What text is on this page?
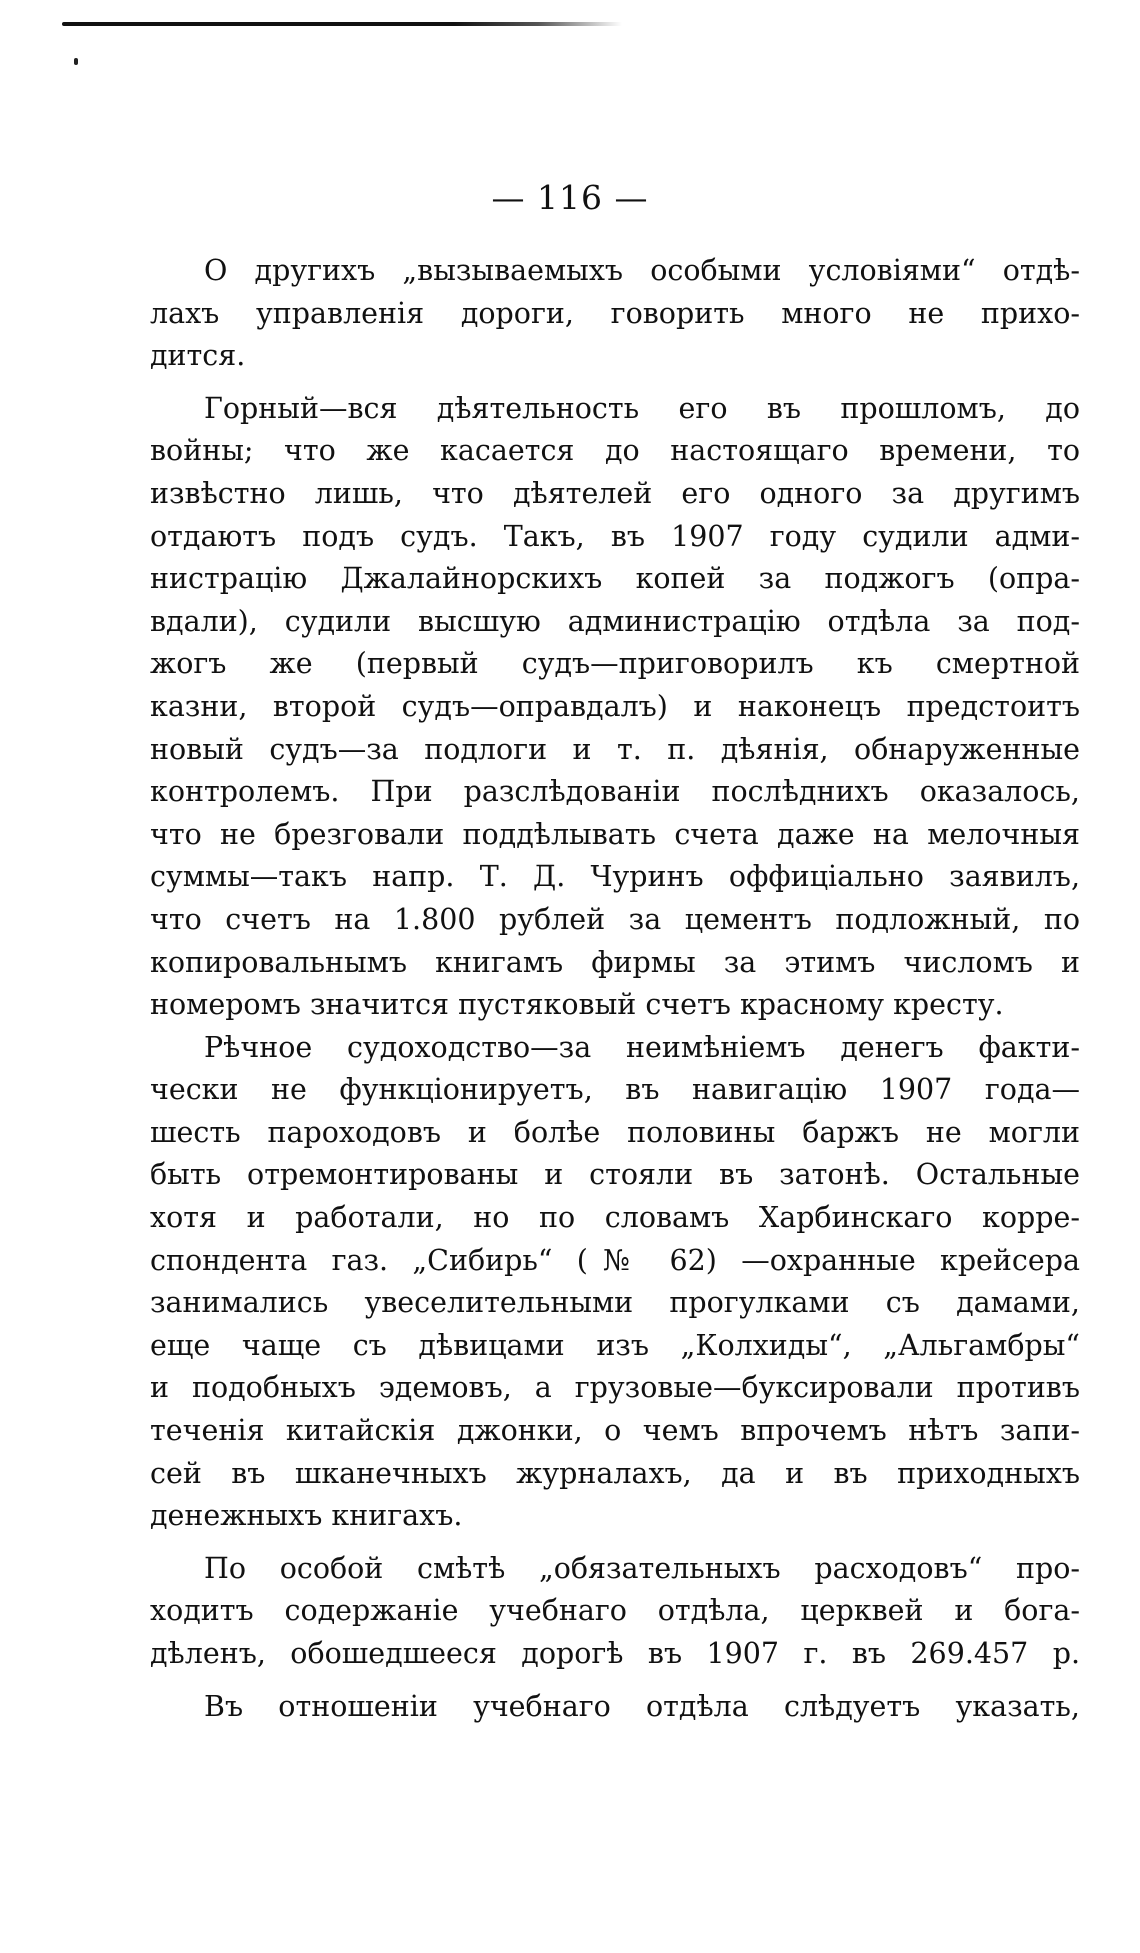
— 116 —
О другихъ „вызываемыхъ особыми условіями“ отдѣ-
лахъ управленія дороги, говорить много не прихо-
дится.
Горный—вся дѣятельность его въ прошломъ, до
войны; что же касается до настоящаго времени, то
извѣстно лишь, что дѣятелей его одного за другимъ
отдаютъ подъ судъ. Такъ, въ 1907 году судили адми-
нистрацію Джалайнорскихъ копей за поджогъ (опра-
вдали), судили высшую администрацію отдѣла за под-
жогъ же (первый судъ—приговорилъ къ смертной
казни, второй судъ—оправдалъ) и наконецъ предстоитъ
новый судъ—за подлоги и т. п. дѣянія, обнаруженные
контролемъ. При разслѣдованіи послѣднихъ оказалось,
что не брезговали поддѣлывать счета даже на мелочныя
суммы—такъ напр. Т. Д. Чуринъ оффиціально заявилъ,
что счетъ на 1.800 рублей за цементъ подложный, по
копировальнымъ книгамъ фирмы за этимъ числомъ и
номеромъ значится пустяковый счетъ красному кресту.
Рѣчное судоходство—за неимѣніемъ денегъ факти-
чески не функціонируетъ, въ навигацію 1907 года—
шесть пароходовъ и болѣе половины баржъ не могли
быть отремонтированы и стояли въ затонѣ. Остальные
хотя и работали, но по словамъ Харбинскаго корре-
спондента газ. „Сибирь“ (№ 62) —охранные крейсера
занимались увеселительными прогулками съ дамами,
еще чаще съ дѣвицами изъ „Колхиды“, „Альгамбры“
и подобныхъ эдемовъ, а грузовые—буксировали противъ
теченія китайскія джонки, о чемъ впрочемъ нѣтъ запи-
сей въ шканечныхъ журналахъ, да и въ приходныхъ
денежныхъ книгахъ.
По особой смѣтѣ „обязательныхъ расходовъ“ про-
ходитъ содержаніе учебнаго отдѣла, церквей и бога-
дѣленъ, обошедшееся дорогѣ въ 1907 г. въ 269.457 р.
Въ отношеніи учебнаго отдѣла слѣдуетъ указать,
